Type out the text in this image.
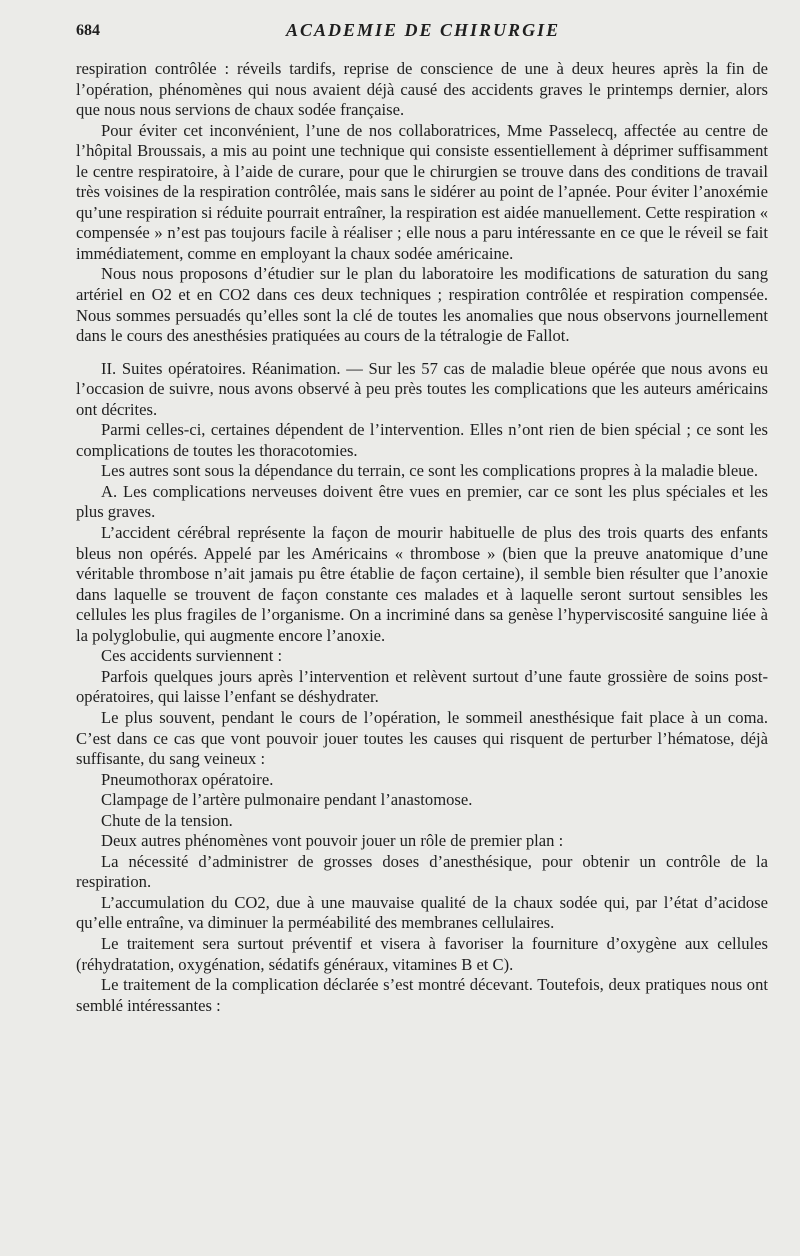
684	ACADEMIE DE CHIRURGIE

respiration contrôlée : réveils tardifs, reprise de conscience de une à deux heures après la fin de l’opération, phénomènes qui nous avaient déjà causé des accidents graves le printemps dernier, alors que nous nous servions de chaux sodée française.

Pour éviter cet inconvénient, l’une de nos collaboratrices, Mme Passelecq, affectée au centre de l’hôpital Broussais, a mis au point une technique qui consiste essentiellement à déprimer suffisamment le centre respiratoire, à l’aide de curare, pour que le chirurgien se trouve dans des conditions de travail très voisines de la respiration contrôlée, mais sans le sidérer au point de l’apnée. Pour éviter l’anoxémie qu’une respiration si réduite pourrait entraîner, la respiration est aidée manuellement. Cette respiration « compensée » n’est pas toujours facile à réaliser ; elle nous a paru intéressante en ce que le réveil se fait immédiatement, comme en employant la chaux sodée américaine.

Nous nous proposons d’étudier sur le plan du laboratoire les modifications de saturation du sang artériel en O2 et en CO2 dans ces deux techniques ; respiration contrôlée et respiration compensée. Nous sommes persuadés qu’elles sont la clé de toutes les anomalies que nous observons journellement dans le cours des anesthésies pratiquées au cours de la tétralogie de Fallot.

II. Suites opératoires. Réanimation. — Sur les 57 cas de maladie bleue opérée que nous avons eu l’occasion de suivre, nous avons observé à peu près toutes les complications que les auteurs américains ont décrites.

Parmi celles-ci, certaines dépendent de l’intervention. Elles n’ont rien de bien spécial ; ce sont les complications de toutes les thoracotomies.

Les autres sont sous la dépendance du terrain, ce sont les complications propres à la maladie bleue.

A. Les complications nerveuses doivent être vues en premier, car ce sont les plus spéciales et les plus graves.

L’accident cérébral représente la façon de mourir habituelle de plus des trois quarts des enfants bleus non opérés. Appelé par les Américains « thrombose » (bien que la preuve anatomique d’une véritable thrombose n’ait jamais pu être établie de façon certaine), il semble bien résulter que l’anoxie dans laquelle se trouvent de façon constante ces malades et à laquelle seront surtout sensibles les cellules les plus fragiles de l’organisme. On a incriminé dans sa genèse l’hyperviscosité sanguine liée à la polyglobulie, qui augmente encore l’anoxie.

Ces accidents surviennent :

Parfois quelques jours après l’intervention et relèvent surtout d’une faute grossière de soins post-opératoires, qui laisse l’enfant se déshydrater.

Le plus souvent, pendant le cours de l’opération, le sommeil anesthésique fait place à un coma. C’est dans ce cas que vont pouvoir jouer toutes les causes qui risquent de perturber l’hématose, déjà suffisante, du sang veineux :

Pneumothorax opératoire.

Clampage de l’artère pulmonaire pendant l’anastomose.

Chute de la tension.

Deux autres phénomènes vont pouvoir jouer un rôle de premier plan :

La nécessité d’administrer de grosses doses d’anesthésique, pour obtenir un contrôle de la respiration.

L’accumulation du CO2, due à une mauvaise qualité de la chaux sodée qui, par l’état d’acidose qu’elle entraîne, va diminuer la perméabilité des membranes cellulaires.

Le traitement sera surtout préventif et visera à favoriser la fourniture d’oxygène aux cellules (réhydratation, oxygénation, sédatifs généraux, vitamines B et C).

Le traitement de la complication déclarée s’est montré décevant. Toutefois, deux pratiques nous ont semblé intéressantes :
